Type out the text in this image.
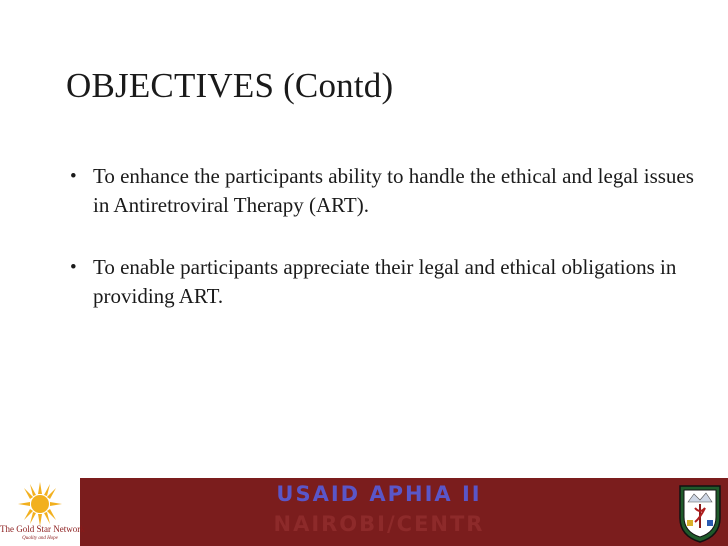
OBJECTIVES (Contd)
• To enhance the participants ability to handle the ethical and legal issues in Antiretroviral Therapy (ART).
• To enable participants appreciate their legal and ethical obligations in providing ART.
The Gold Star Network
Quality and Hope
USAID APHIA II
NAIROBI/CENTR
